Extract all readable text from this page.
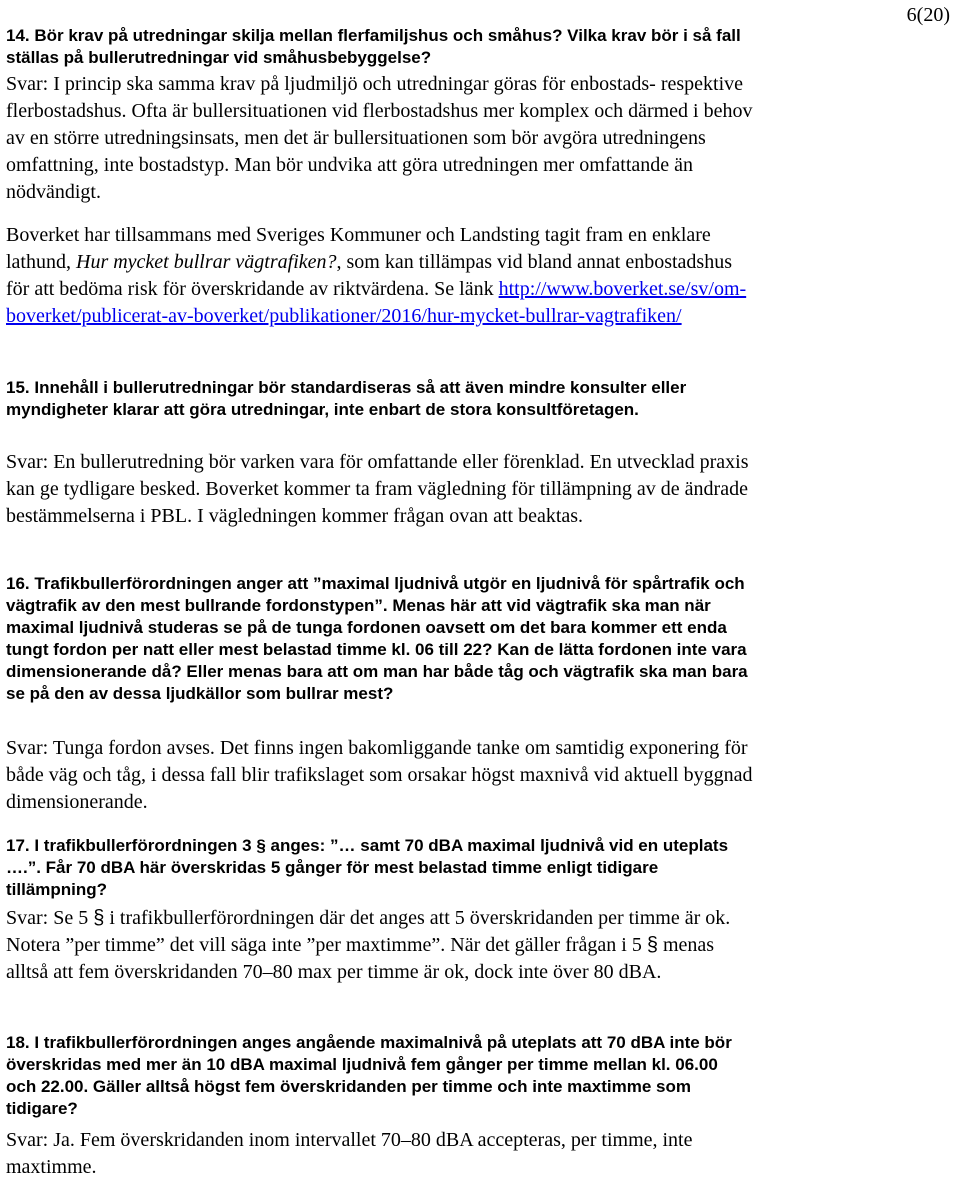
6(20)

14. Bör krav på utredningar skilja mellan flerfamiljshus och småhus? Vilka krav bör i så fall ställas på bullerutredningar vid småhusbebyggelse?

Svar: I princip ska samma krav på ljudmiljö och utredningar göras för enbostads- respektive flerbostadshus. Ofta är bullersituationen vid flerbostadshus mer komplex och därmed i behov av en större utredningsinsats, men det är bullersituationen som bör avgöra utredningens omfattning, inte bostadstyp. Man bör undvika att göra utredningen mer omfattande än nödvändigt.

Boverket har tillsammans med Sveriges Kommuner och Landsting tagit fram en enklare lathund, Hur mycket bullrar vägtrafiken?, som kan tillämpas vid bland annat enbostadshus för att bedöma risk för överskridande av riktvärdena. Se länk http://www.boverket.se/sv/om-boverket/publicerat-av-boverket/publikationer/2016/hur-mycket-bullrar-vagtrafiken/

15. Innehåll i bullerutredningar bör standardiseras så att även mindre konsulter eller myndigheter klarar att göra utredningar, inte enbart de stora konsultföretagen.

Svar: En bullerutredning bör varken vara för omfattande eller förenklad. En utvecklad praxis kan ge tydligare besked. Boverket kommer ta fram vägledning för tillämpning av de ändrade bestämmelserna i PBL. I vägledningen kommer frågan ovan att beaktas.

16. Trafikbullerförordningen anger att ”maximal ljudnivå utgör en ljudnivå för spårtrafik och vägtrafik av den mest bullrande fordonstypen”. Menas här att vid vägtrafik ska man när maximal ljudnivå studeras se på de tunga fordonen oavsett om det bara kommer ett enda tungt fordon per natt eller mest belastad timme kl. 06 till 22? Kan de lätta fordonen inte vara dimensionerande då? Eller menas bara att om man har både tåg och vägtrafik ska man bara se på den av dessa ljudkällor som bullrar mest?

Svar: Tunga fordon avses. Det finns ingen bakomliggande tanke om samtidig exponering för både väg och tåg, i dessa fall blir trafikslaget som orsakar högst maxnivå vid aktuell byggnad dimensionerande.

17. I trafikbullerförordningen 3 § anges: ”… samt 70 dBA maximal ljudnivå vid en uteplats ….”. Får 70 dBA här överskridas 5 gånger för mest belastad timme enligt tidigare tillämpning?

Svar: Se 5 § i trafikbullerförordningen där det anges att 5 överskridanden per timme är ok. Notera ”per timme” det vill säga inte ”per maxtimme”. När det gäller frågan i 5 § menas alltså att fem överskridanden 70–80 max per timme är ok, dock inte över 80 dBA.

18. I trafikbullerförordningen anges angående maximalnivå på uteplats att 70 dBA inte bör överskridas med mer än 10 dBA maximal ljudnivå fem gånger per timme mellan kl. 06.00 och 22.00. Gäller alltså högst fem överskridanden per timme och inte maxtimme som tidigare?

Svar: Ja. Fem överskridanden inom intervallet 70–80 dBA accepteras, per timme, inte maxtimme.
